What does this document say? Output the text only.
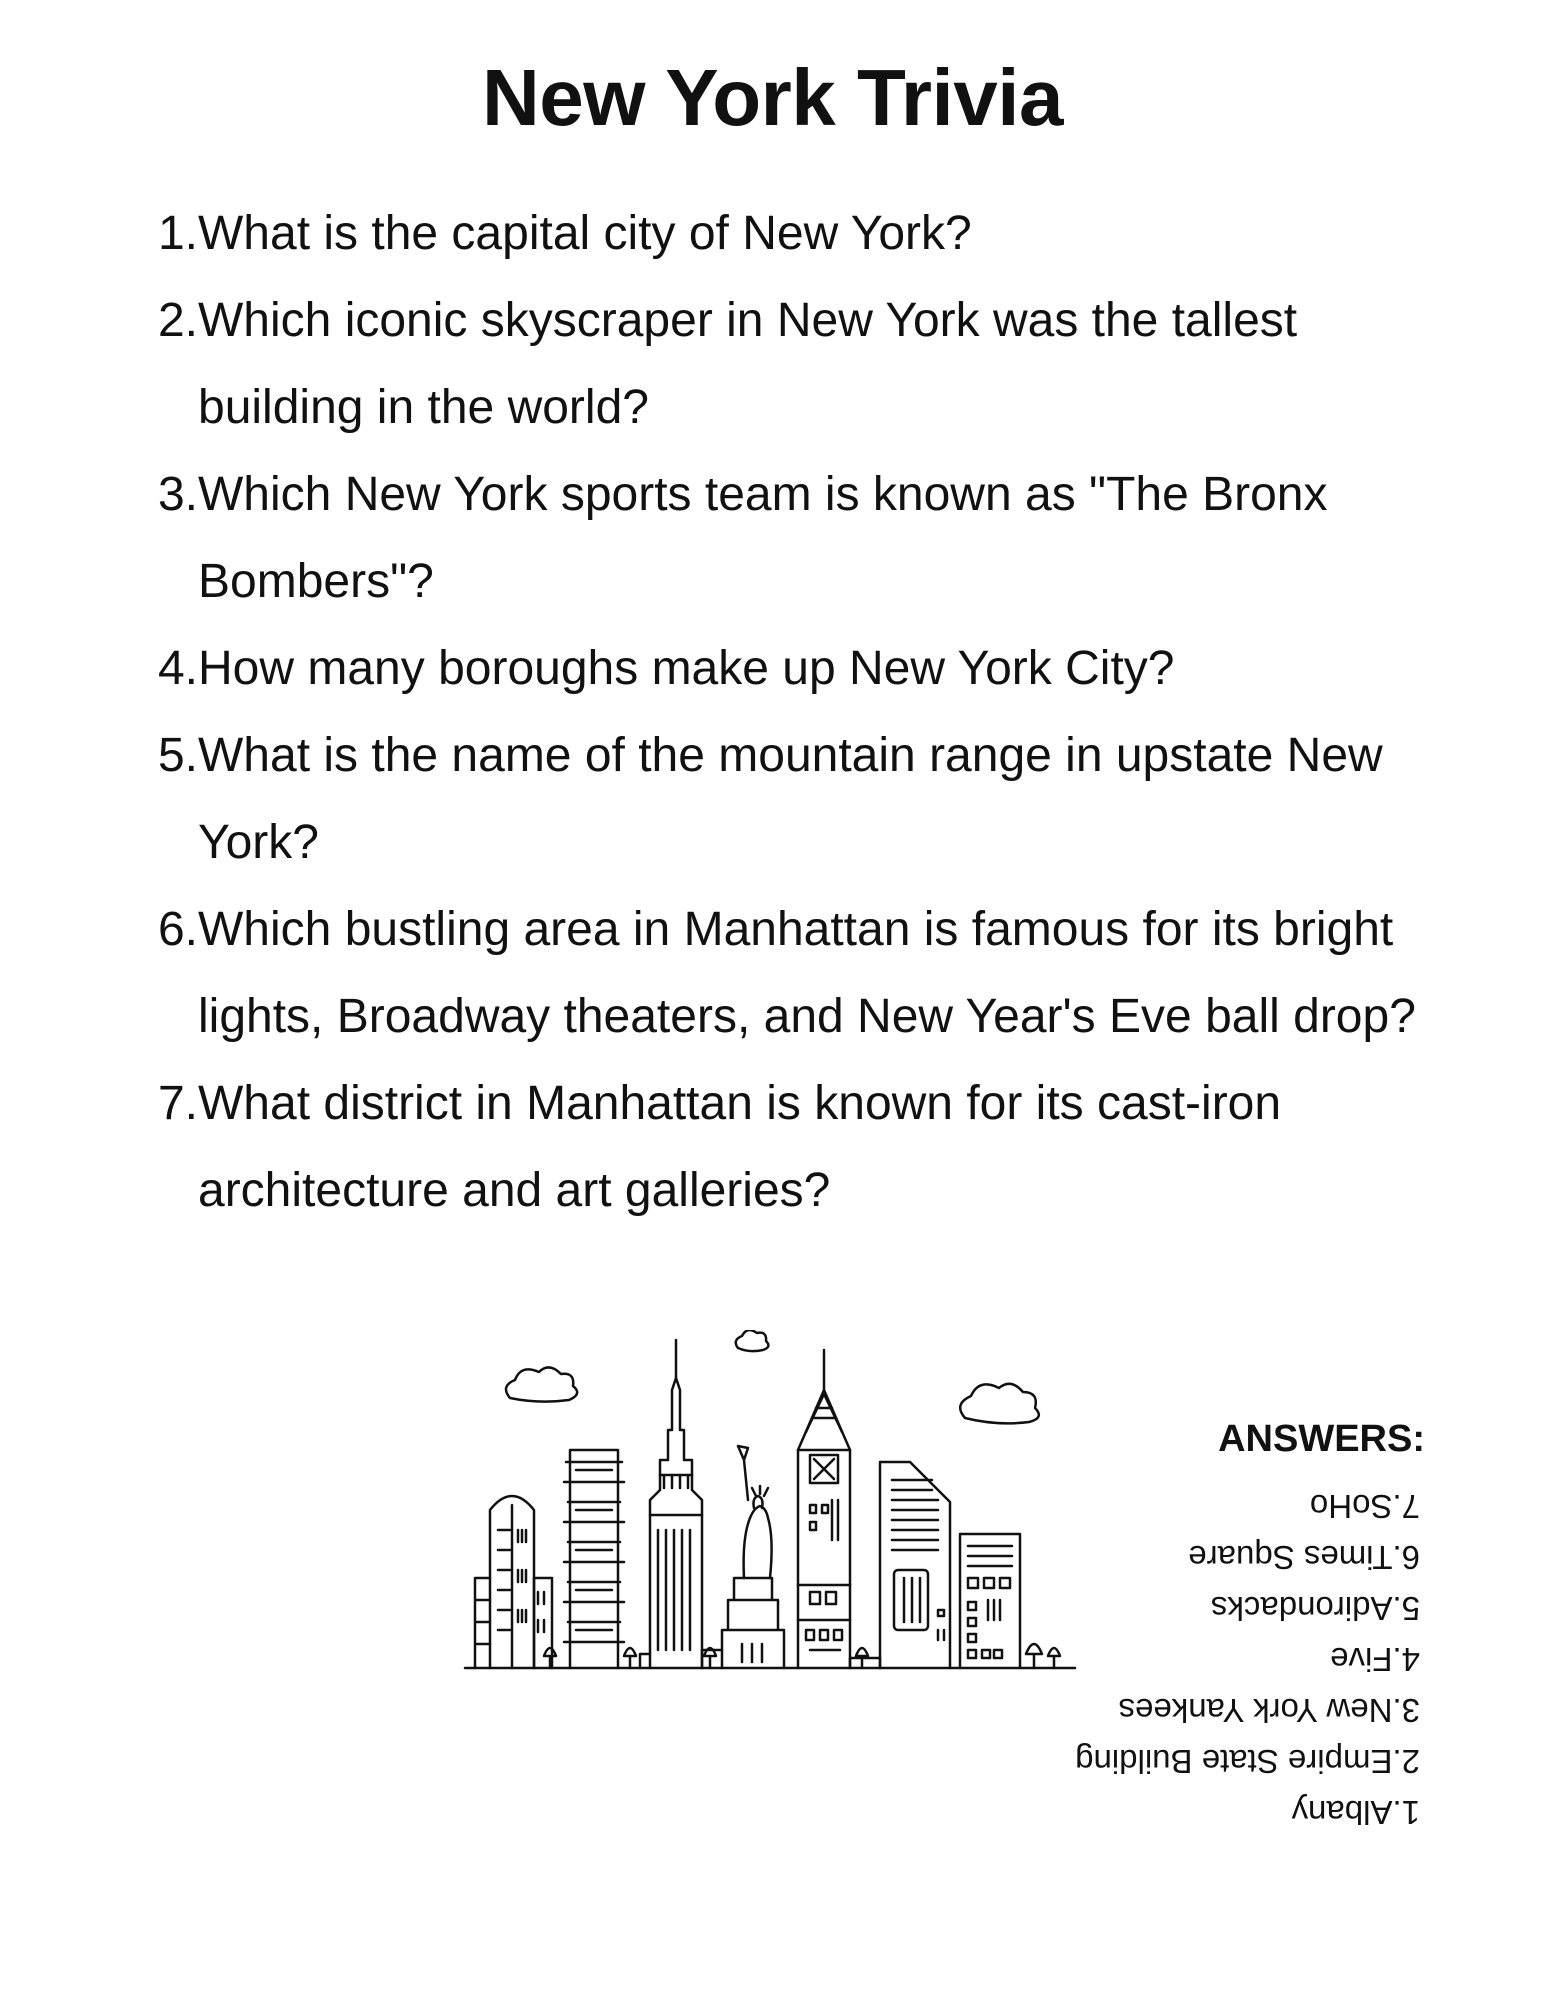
New York Trivia
1. What is the capital city of New York?
2. Which iconic skyscraper in New York was the tallest building in the world?
3. Which New York sports team is known as "The Bronx Bombers"?
4. How many boroughs make up New York City?
5. What is the name of the mountain range in upstate New York?
6. Which bustling area in Manhattan is famous for its bright lights, Broadway theaters, and New Year's Eve ball drop?
7. What district in Manhattan is known for its cast-iron architecture and art galleries?
ANSWERS:
1.Albany
2.Empire State Building
3.New York Yankees
4.Five
5.Adirondacks
6.Times Square
7.SoHo
